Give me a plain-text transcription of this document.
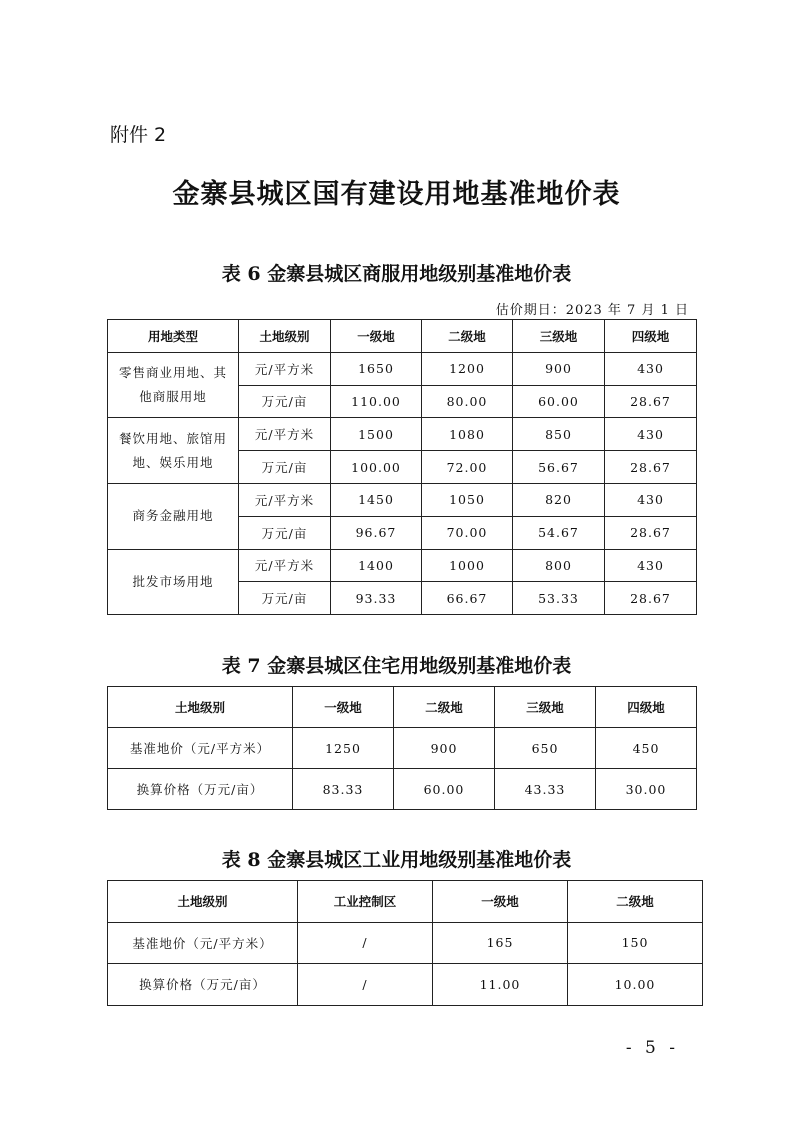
附件 2
金寨县城区国有建设用地基准地价表
表 6 金寨县城区商服用地级别基准地价表
估价期日：2023 年 7 月 1 日
用地类型	土地级别	一级地	二级地	三级地	四级地
零售商业用地、其他商服用地	元/平方米	1650	1200	900	430
	万元/亩	110.00	80.00	60.00	28.67
餐饮用地、旅馆用地、娱乐用地	元/平方米	1500	1080	850	430
	万元/亩	100.00	72.00	56.67	28.67
商务金融用地	元/平方米	1450	1050	820	430
	万元/亩	96.67	70.00	54.67	28.67
批发市场用地	元/平方米	1400	1000	800	430
	万元/亩	93.33	66.67	53.33	28.67
表 7 金寨县城区住宅用地级别基准地价表
土地级别	一级地	二级地	三级地	四级地
基准地价（元/平方米）	1250	900	650	450
换算价格（万元/亩）	83.33	60.00	43.33	30.00
表 8 金寨县城区工业用地级别基准地价表
土地级别	工业控制区	一级地	二级地
基准地价（元/平方米）	/	165	150
换算价格（万元/亩）	/	11.00	10.00
- 5 -
